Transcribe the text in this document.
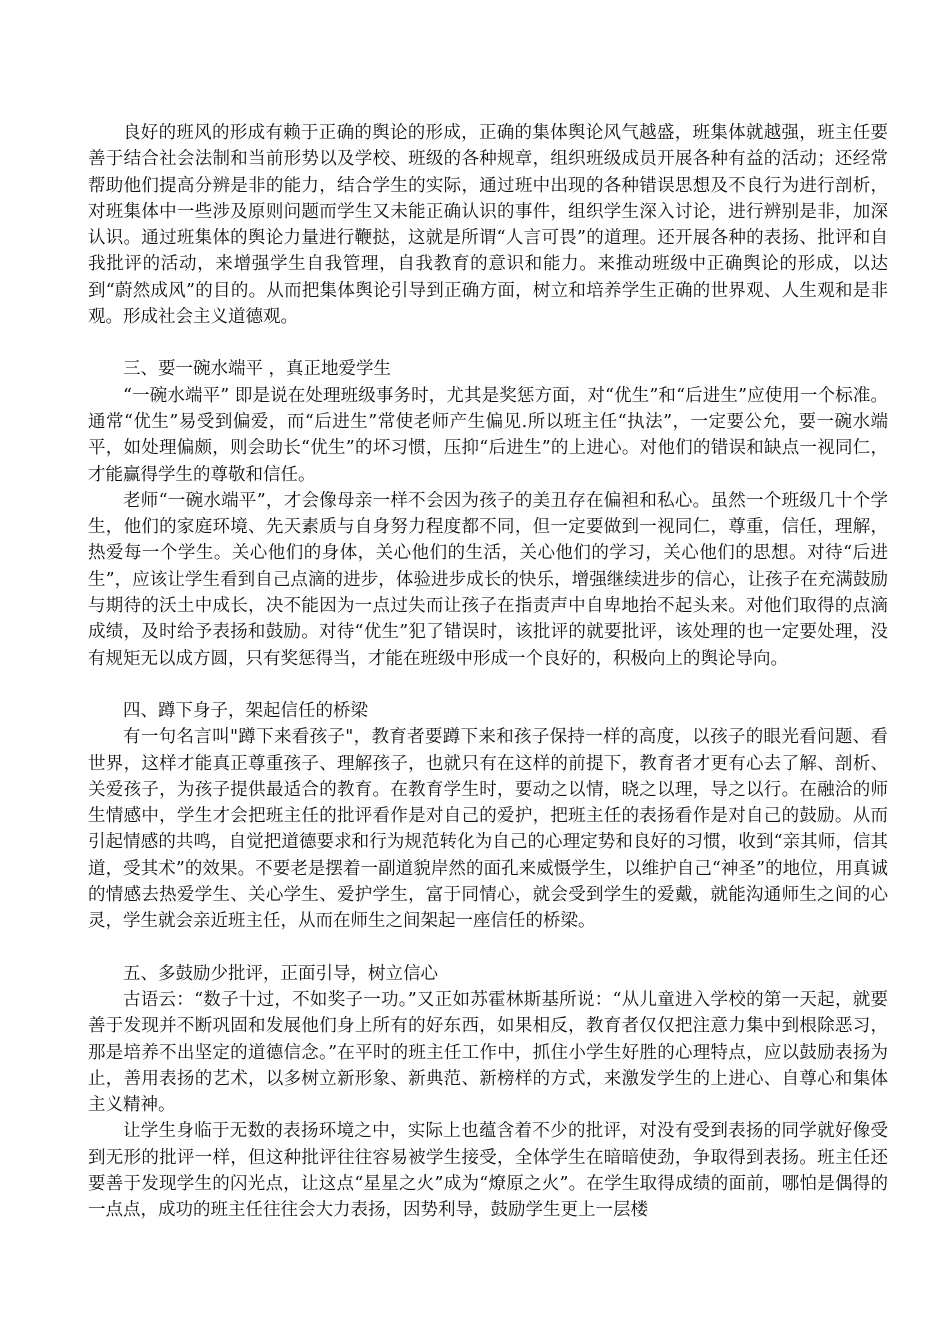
良好的班风的形成有赖于正确的舆论的形成，正确的集体舆论风气越盛，班集体就越强，班主任要善于结合社会法制和当前形势以及学校、班级的各种规章，组织班级成员开展各种有益的活动；还经常帮助他们提高分辨是非的能力，结合学生的实际，通过班中出现的各种错误思想及不良行为进行剖析，对班集体中一些涉及原则问题而学生又未能正确认识的事件，组织学生深入讨论，进行辨别是非，加深认识。通过班集体的舆论力量进行鞭挞，这就是所谓“人言可畏”的道理。还开展各种的表扬、批评和自我批评的活动，来增强学生自我管理，自我教育的意识和能力。来推动班级中正确舆论的形成，以达到“蔚然成风”的目的。从而把集体舆论引导到正确方面，树立和培养学生正确的世界观、人生观和是非观。形成社会主义道德观。

三、要一碗水端平 ，真正地爱学生

“一碗水端平” 即是说在处理班级事务时，尤其是奖惩方面，对“优生”和“后进生”应使用一个标准。通常“优生”易受到偏爱，而“后进生”常使老师产生偏见.所以班主任“执法”，一定要公允，要一碗水端平，如处理偏颇，则会助长“优生”的坏习惯，压抑“后进生”的上进心。对他们的错误和缺点一视同仁，才能赢得学生的尊敬和信任。

老师“一碗水端平”，才会像母亲一样不会因为孩子的美丑存在偏袒和私心。虽然一个班级几十个学生，他们的家庭环境、先天素质与自身努力程度都不同，但一定要做到一视同仁，尊重，信任，理解，热爱每一个学生。关心他们的身体，关心他们的生活，关心他们的学习，关心他们的思想。对待“后进生”，应该让学生看到自己点滴的进步，体验进步成长的快乐，增强继续进步的信心，让孩子在充满鼓励与期待的沃土中成长，决不能因为一点过失而让孩子在指责声中自卑地抬不起头来。对他们取得的点滴成绩，及时给予表扬和鼓励。对待“优生”犯了错误时，该批评的就要批评，该处理的也一定要处理，没有规矩无以成方圆，只有奖惩得当，才能在班级中形成一个良好的，积极向上的舆论导向。

四、蹲下身子，架起信任的桥梁

有一句名言叫"蹲下来看孩子"，教育者要蹲下来和孩子保持一样的高度，以孩子的眼光看问题、看世界，这样才能真正尊重孩子、理解孩子，也就只有在这样的前提下，教育者才更有心去了解、剖析、关爱孩子，为孩子提供最适合的教育。在教育学生时，要动之以情，晓之以理，导之以行。在融洽的师生情感中，学生才会把班主任的批评看作是对自己的爱护，把班主任的表扬看作是对自己的鼓励。从而引起情感的共鸣，自觉把道德要求和行为规范转化为自己的心理定势和良好的习惯，收到“亲其师，信其道，受其术”的效果。不要老是摆着一副道貌岸然的面孔来威慑学生，以维护自己“神圣”的地位，用真诚的情感去热爱学生、关心学生、爱护学生，富于同情心，就会受到学生的爱戴，就能沟通师生之间的心灵，学生就会亲近班主任，从而在师生之间架起一座信任的桥梁。

五、多鼓励少批评，正面引导，树立信心

古语云：“数子十过，不如奖子一功。”又正如苏霍林斯基所说：“从儿童进入学校的第一天起，就要善于发现并不断巩固和发展他们身上所有的好东西，如果相反，教育者仅仅把注意力集中到根除恶习，那是培养不出坚定的道德信念。”在平时的班主任工作中，抓住小学生好胜的心理特点，应以鼓励表扬为止，善用表扬的艺术，以多树立新形象、新典范、新榜样的方式，来激发学生的上进心、自尊心和集体主义精神。

让学生身临于无数的表扬环境之中，实际上也蕴含着不少的批评，对没有受到表扬的同学就好像受到无形的批评一样，但这种批评往往容易被学生接受，全体学生在暗暗使劲，争取得到表扬。班主任还要善于发现学生的闪光点，让这点“星星之火”成为“燎原之火”。在学生取得成绩的面前，哪怕是偶得的一点点，成功的班主任往往会大力表扬，因势利导，鼓励学生更上一层楼
